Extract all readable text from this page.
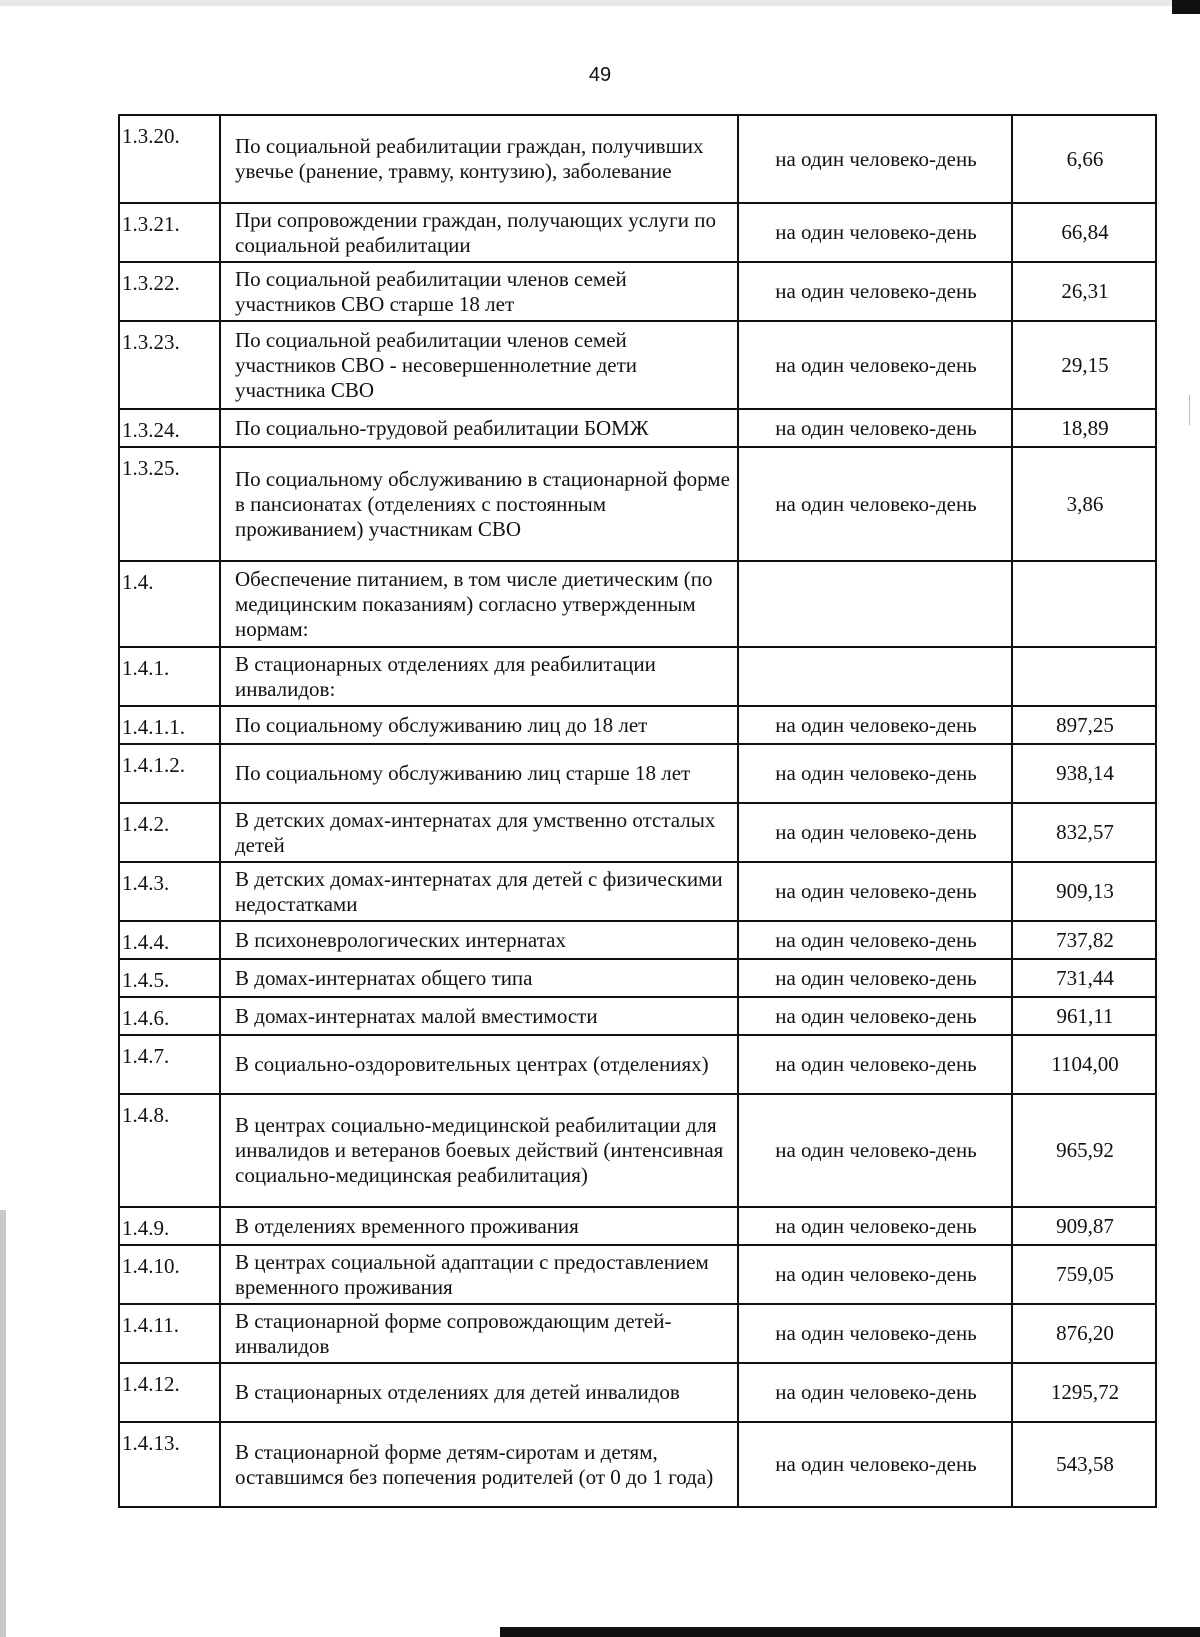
49
1.3.20.	По социальной реабилитации граждан, получивших увечье (ранение, травму, контузию), заболевание	на один человеко-день	6,66
1.3.21.	При сопровождении граждан, получающих услуги по социальной реабилитации	на один человеко-день	66,84
1.3.22.	По социальной реабилитации членов семей участников СВО старше 18 лет	на один человеко-день	26,31
1.3.23.	По социальной реабилитации членов семей участников СВО - несовершеннолетние дети участника СВО	на один человеко-день	29,15
1.3.24.	По социально-трудовой реабилитации БОМЖ	на один человеко-день	18,89
1.3.25.	По социальному обслуживанию в стационарной форме в пансионатах (отделениях с постоянным проживанием) участникам СВО	на один человеко-день	3,86
1.4.	Обеспечение питанием, в том числе диетическим (по медицинским показаниям) согласно утвержденным нормам:		
1.4.1.	В стационарных отделениях для реабилитации инвалидов:		
1.4.1.1.	По социальному обслуживанию лиц до 18 лет	на один человеко-день	897,25
1.4.1.2.	По социальному обслуживанию лиц старше 18 лет	на один человеко-день	938,14
1.4.2.	В детских домах-интернатах для умственно отсталых детей	на один человеко-день	832,57
1.4.3.	В детских домах-интернатах для детей с физическими недостатками	на один человеко-день	909,13
1.4.4.	В психоневрологических интернатах	на один человеко-день	737,82
1.4.5.	В домах-интернатах общего типа	на один человеко-день	731,44
1.4.6.	В домах-интернатах малой вместимости	на один человеко-день	961,11
1.4.7.	В социально-оздоровительных центрах (отделениях)	на один человеко-день	1104,00
1.4.8.	В центрах социально-медицинской реабилитации для инвалидов и ветеранов боевых действий (интенсивная социально-медицинская реабилитация)	на один человеко-день	965,92
1.4.9.	В отделениях временного проживания	на один человеко-день	909,87
1.4.10.	В центрах социальной адаптации с предоставлением временного проживания	на один человеко-день	759,05
1.4.11.	В стационарной форме сопровождающим детей-инвалидов	на один человеко-день	876,20
1.4.12.	В стационарных отделениях для детей инвалидов	на один человеко-день	1295,72
1.4.13.	В стационарной форме детям-сиротам и детям, оставшимся без попечения родителей (от 0 до 1 года)	на один человеко-день	543,58
